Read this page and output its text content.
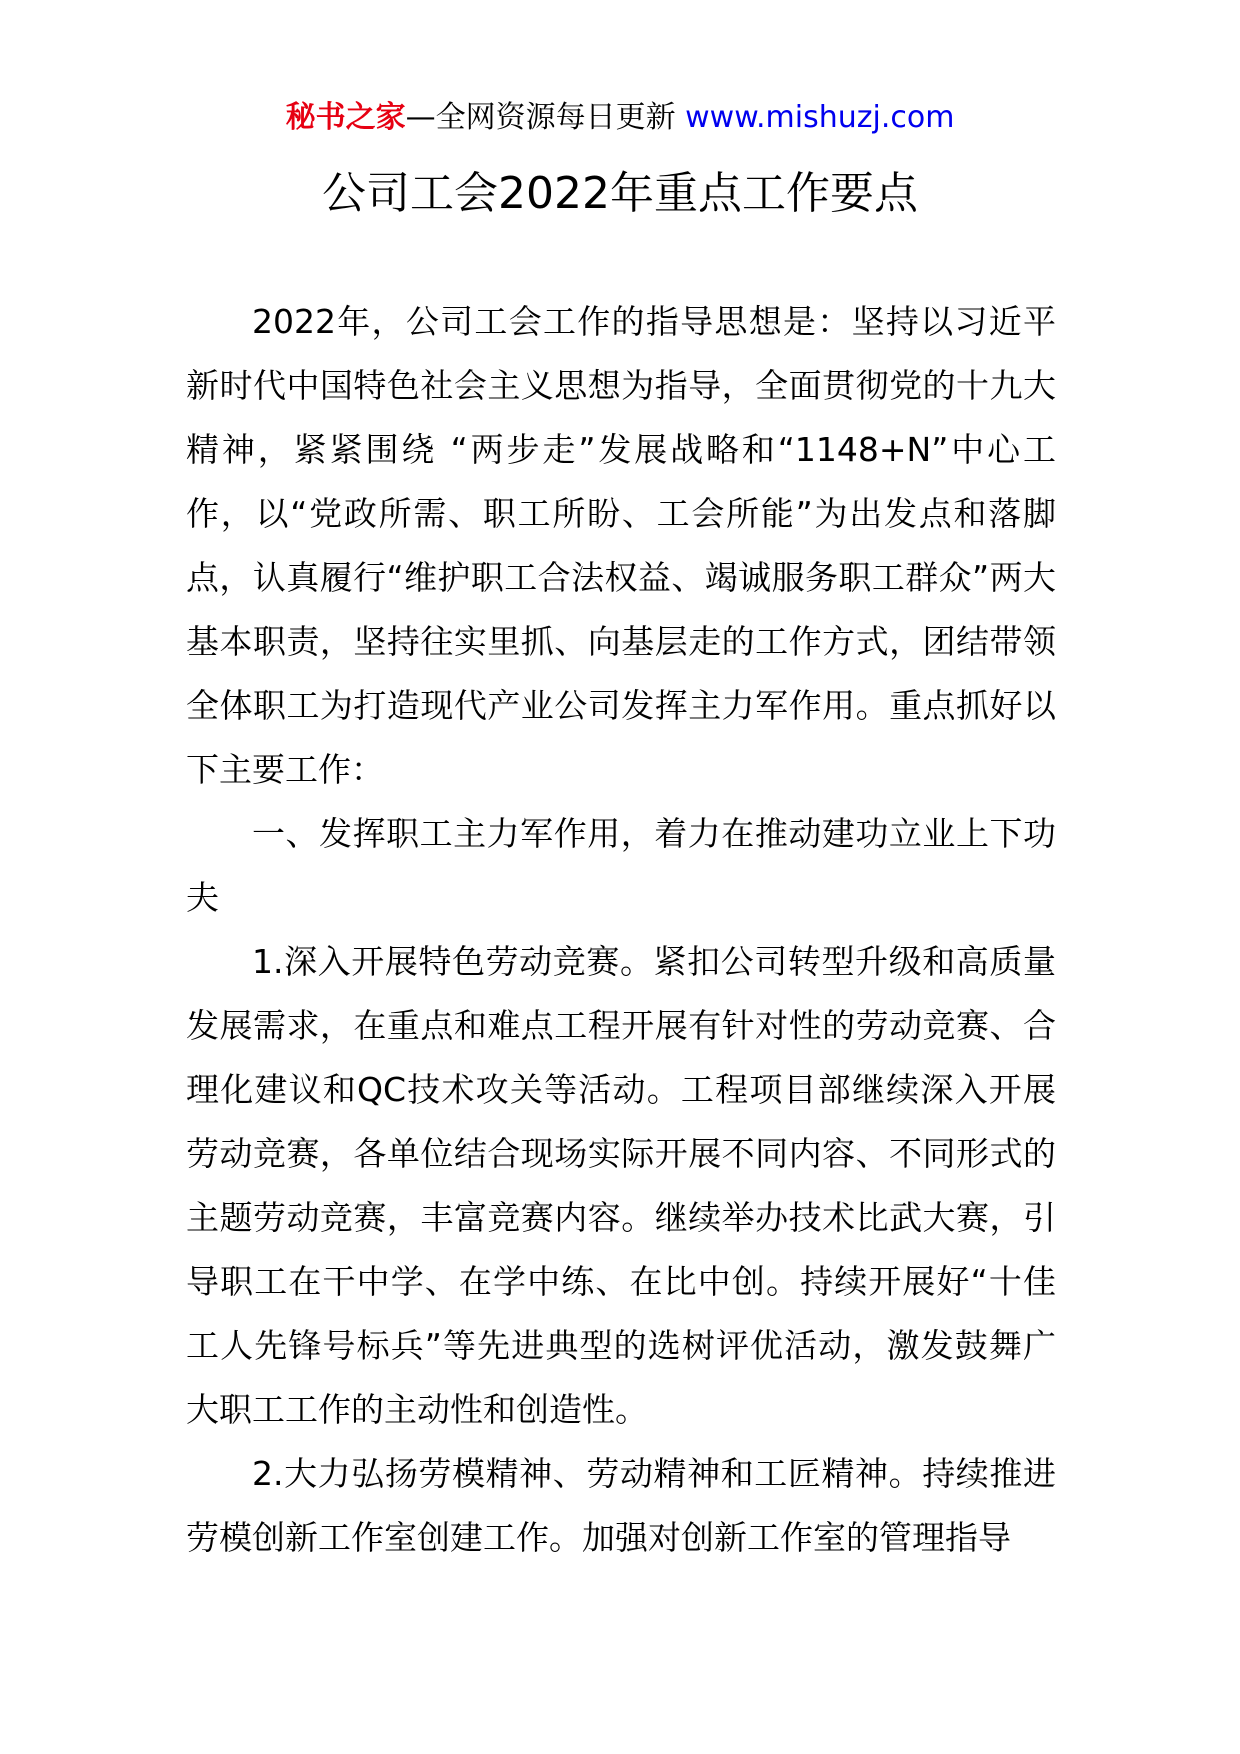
秘书之家—全网资源每日更新 www.mishuzj.com
公司工会2022年重点工作要点

2022年，公司工会工作的指导思想是：坚持以习近平新时代中国特色社会主义思想为指导，全面贯彻党的十九大精神，紧紧围绕 “两步走”发展战略和“1148+N”中心工作，以“党政所需、职工所盼、工会所能”为出发点和落脚点，认真履行“维护职工合法权益、竭诚服务职工群众”两大基本职责，坚持往实里抓、向基层走的工作方式，团结带领全体职工为打造现代产业公司发挥主力军作用。重点抓好以下主要工作：

一、发挥职工主力军作用，着力在推动建功立业上下功夫

1.深入开展特色劳动竞赛。紧扣公司转型升级和高质量发展需求，在重点和难点工程开展有针对性的劳动竞赛、合理化建议和QC技术攻关等活动。工程项目部继续深入开展劳动竞赛，各单位结合现场实际开展不同内容、不同形式的主题劳动竞赛，丰富竞赛内容。继续举办技术比武大赛，引导职工在干中学、在学中练、在比中创。持续开展好“十佳工人先锋号标兵”等先进典型的选树评优活动，激发鼓舞广大职工工作的主动性和创造性。

2.大力弘扬劳模精神、劳动精神和工匠精神。持续推进劳模创新工作室创建工作。加强对创新工作室的管理指导
